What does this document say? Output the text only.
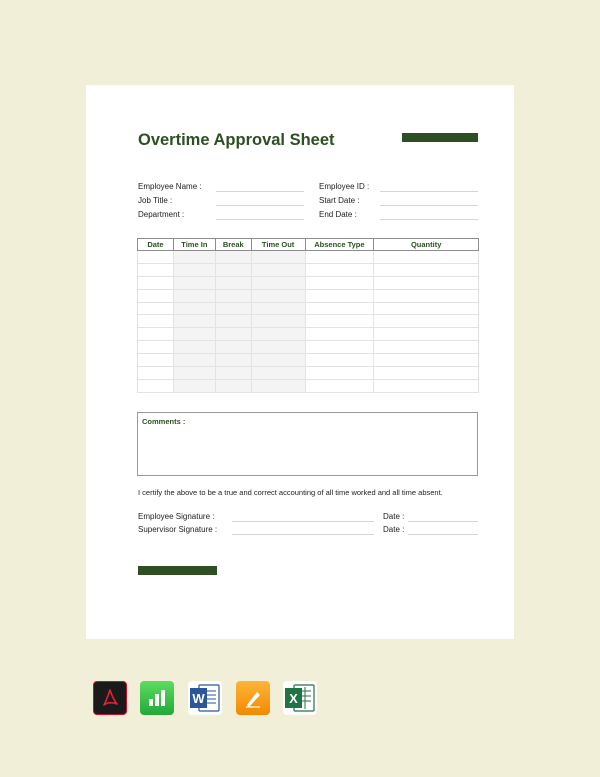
Overtime Approval Sheet
Employee Name :
Job Title :
Department :
Employee ID :
Start Date :
End Date :
Date	Time In	Break	Time Out	Absence Type	Quantity

Comments :
I certify the above to be a true and correct accounting of all time worked and all time absent.
Employee Signature :	Date :
Supervisor Signature :	Date :
W	X
